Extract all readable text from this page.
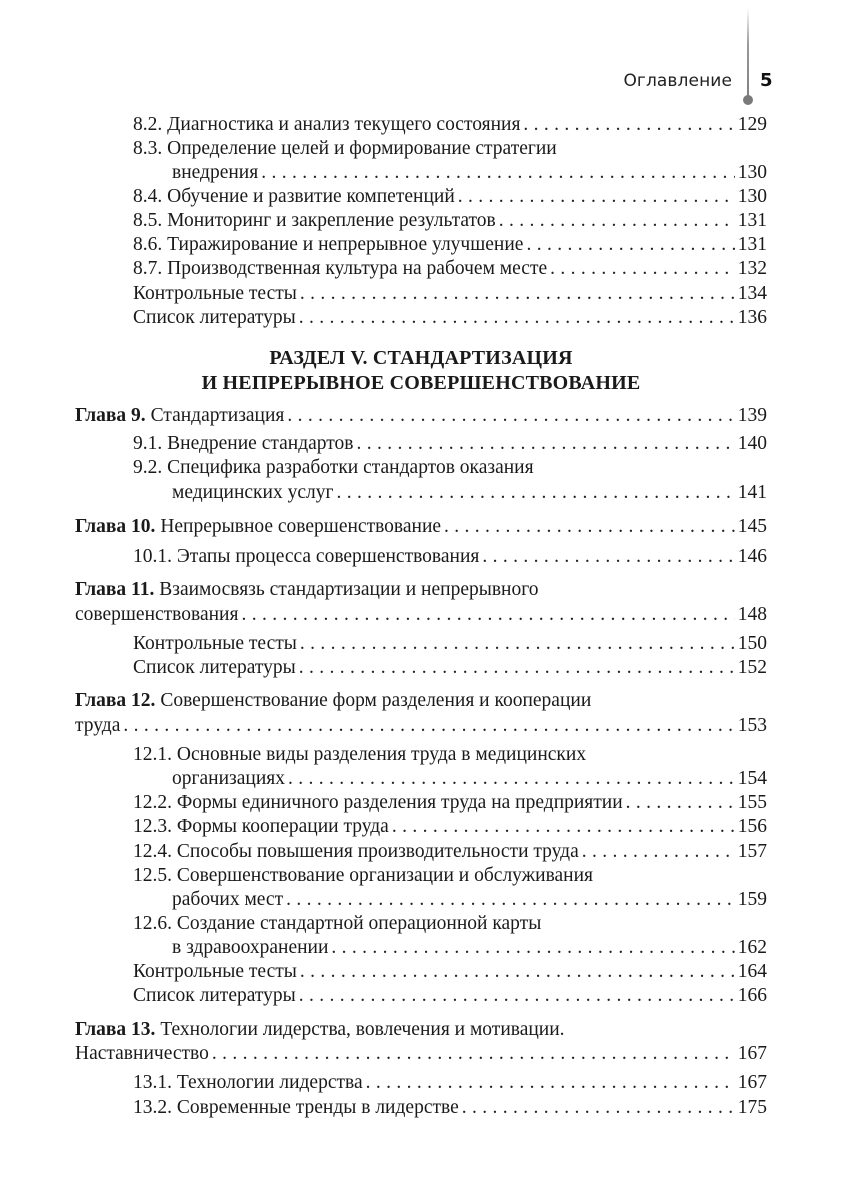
Оглавление 5
8.2. Диагностика и анализ текущего состояния . . .	129
8.3. Определение целей и формирование стратегии
внедрения . . .	130
8.4. Обучение и развитие компетенций . . .	130
8.5. Мониторинг и закрепление результатов . . .	131
8.6. Тиражирование и непрерывное улучшение . . .	131
8.7. Производственная культура на рабочем месте . . .	132
Контрольные тесты . . .	134
Список литературы . . .	136
РАЗДЕЛ V. СТАНДАРТИЗАЦИЯ
И НЕПРЕРЫВНОЕ СОВЕРШЕНСТВОВАНИЕ
Глава 9. Стандартизация . . .	139
9.1. Внедрение стандартов . . .	140
9.2. Специфика разработки стандартов оказания
медицинских услуг . . .	141
Глава 10. Непрерывное совершенствование . . .	145
10.1. Этапы процесса совершенствования . . .	146
Глава 11. Взаимосвязь стандартизации и непрерывного
совершенствования . . .	148
Контрольные тесты . . .	150
Список литературы . . .	152
Глава 12. Совершенствование форм разделения и кооперации
труда . . .	153
12.1. Основные виды разделения труда в медицинских
организациях . . .	154
12.2. Формы единичного разделения труда на предприятии . . .	155
12.3. Формы кооперации труда . . .	156
12.4. Способы повышения производительности труда . . .	157
12.5. Совершенствование организации и обслуживания
рабочих мест . . .	159
12.6. Создание стандартной операционной карты
в здравоохранении . . .	162
Контрольные тесты . . .	164
Список литературы . . .	166
Глава 13. Технологии лидерства, вовлечения и мотивации.
Наставничество . . .	167
13.1. Технологии лидерства . . .	167
13.2. Современные тренды в лидерстве . . .	175
